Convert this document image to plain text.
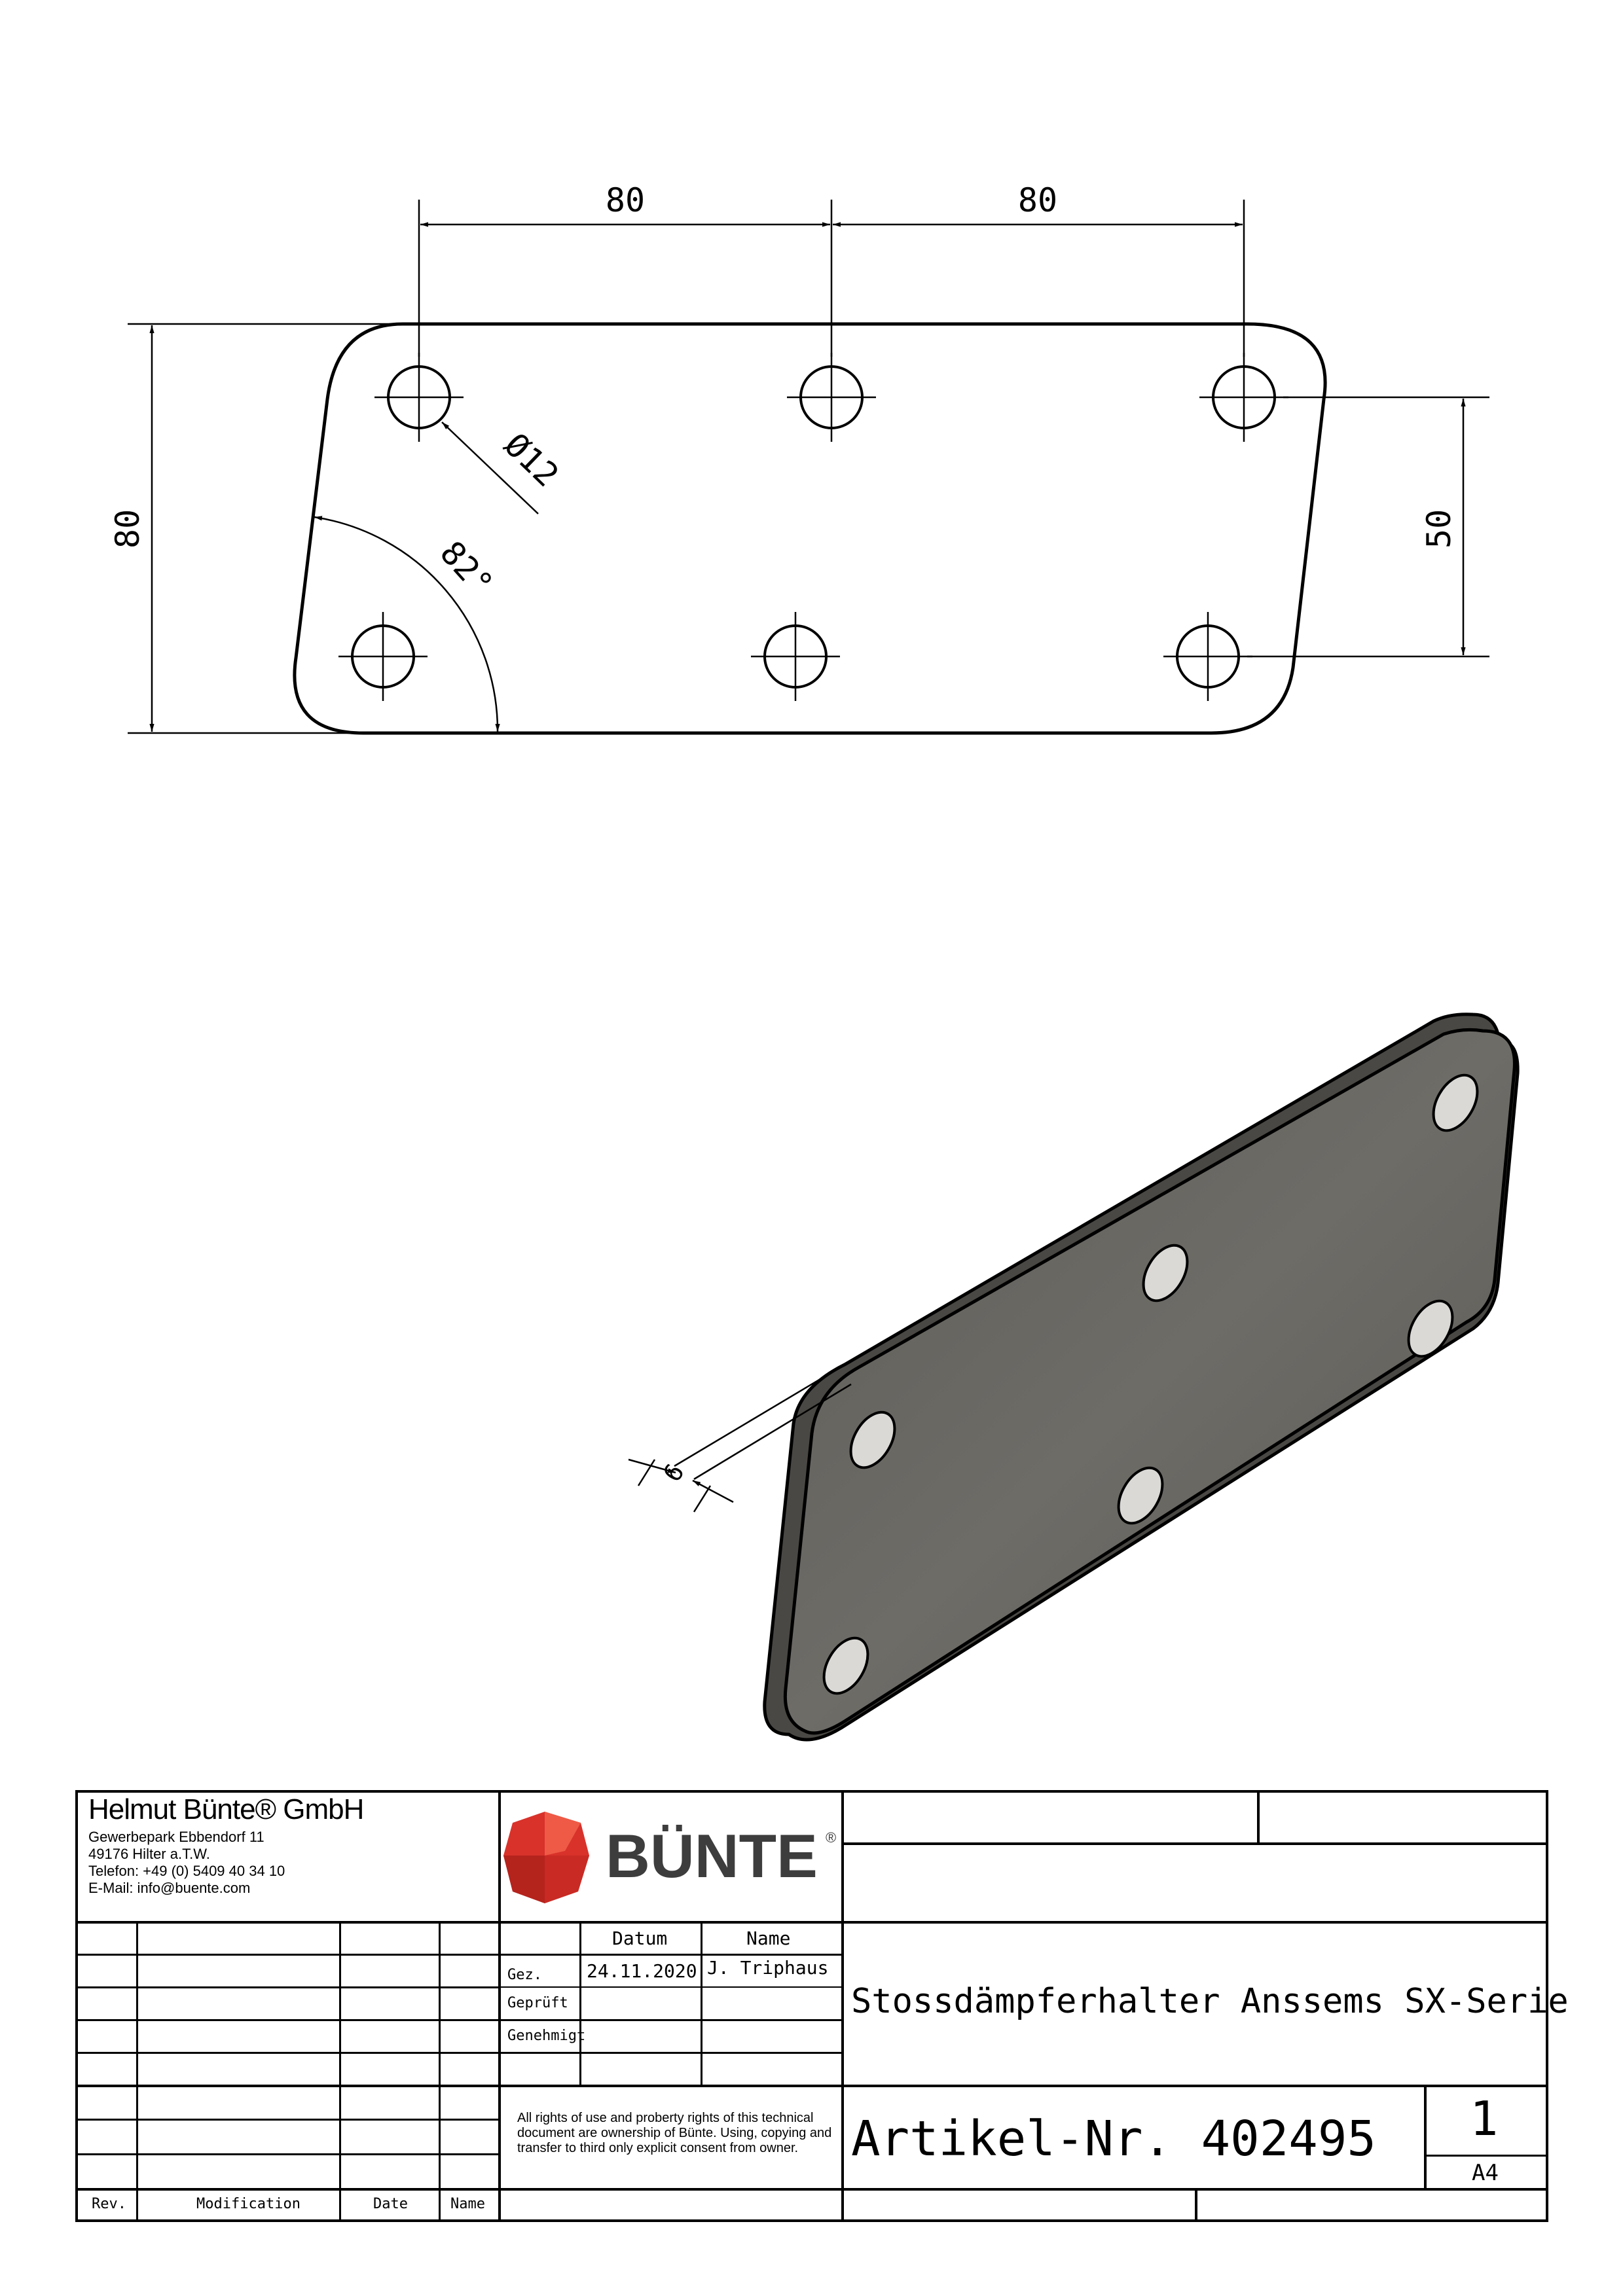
80	80
80	50
Ø12
82°
6
Helmut Bünte® GmbH
Gewerbepark Ebbendorf 11
49176 Hilter a.T.W.
Telefon: +49 (0) 5409 40 34 10
E-Mail: info@buente.com	BÜNTE ®
Datum	Name
Gez. 24.11.2020 J. Triphaus
Geprüft
Genehmigt
All rights of use and proberty rights of this technical document are ownership of Bünte. Using, copying and transfer to third only explicit consent from owner.
Rev.	Modification	Date	Name
Stossdämpferhalter Anssems SX-Serie
Artikel-Nr. 402495 1
A4
